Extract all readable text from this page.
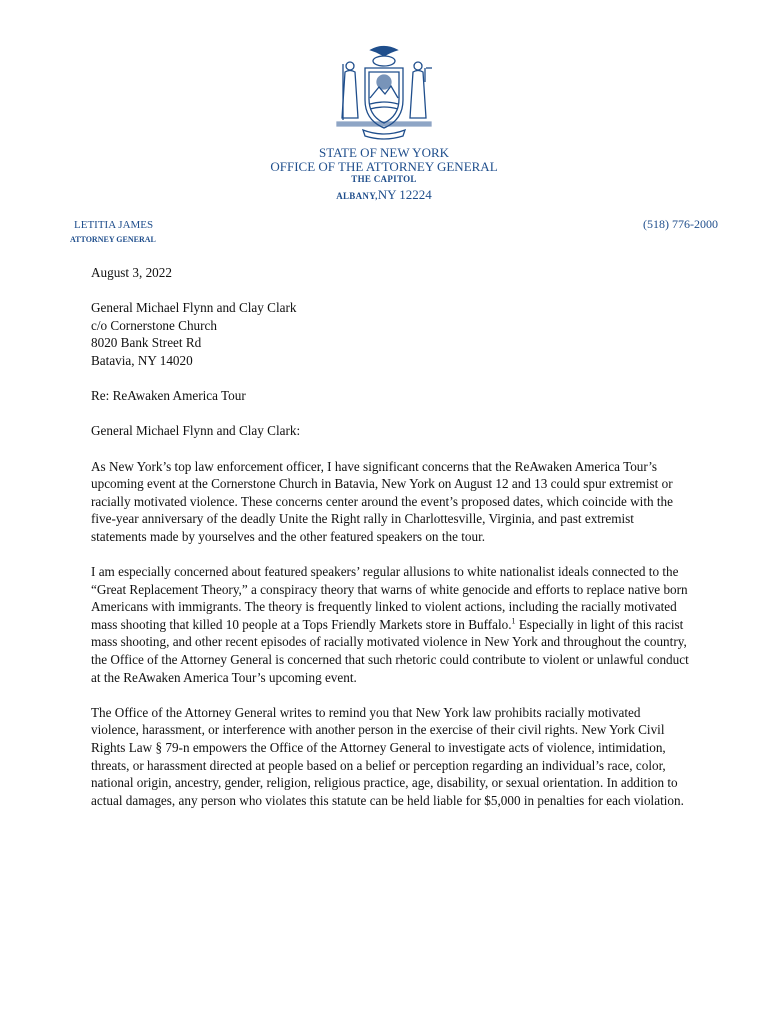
STATE OF NEW YORK
OFFICE OF THE ATTORNEY GENERAL
THE CAPITOL
ALBANY,NY 12224
LETITIA JAMES
ATTORNEY GENERAL
(518) 776-2000

August 3, 2022

General Michael Flynn and Clay Clark
c/o Cornerstone Church
8020 Bank Street Rd
Batavia, NY 14020

Re: ReAwaken America Tour

General Michael Flynn and Clay Clark:

As New York’s top law enforcement officer, I have significant concerns that the ReAwaken America Tour’s upcoming event at the Cornerstone Church in Batavia, New York on August 12 and 13 could spur extremist or racially motivated violence. These concerns center around the event’s proposed dates, which coincide with the five-year anniversary of the deadly Unite the Right rally in Charlottesville, Virginia, and past extremist statements made by yourselves and the other featured speakers on the tour.

I am especially concerned about featured speakers’ regular allusions to white nationalist ideals connected to the “Great Replacement Theory,” a conspiracy theory that warns of white genocide and efforts to replace native born Americans with immigrants. The theory is frequently linked to violent actions, including the racially motivated mass shooting that killed 10 people at a Tops Friendly Markets store in Buffalo.$^1$ Especially in light of this racist mass shooting, and other recent episodes of racially motivated violence in New York and throughout the country, the Office of the Attorney General is concerned that such rhetoric could contribute to violent or unlawful conduct at the ReAwaken America Tour’s upcoming event.

The Office of the Attorney General writes to remind you that New York law prohibits racially motivated violence, harassment, or interference with another person in the exercise of their civil rights. New York Civil Rights Law § 79-n empowers the Office of the Attorney General to investigate acts of violence, intimidation, threats, or harassment directed at people based on a belief or perception regarding an individual’s race, color, national origin, ancestry, gender, religion, religious practice, age, disability, or sexual orientation. In addition to actual damages, any person who violates this statute can be held liable for $5,000 in penalties for each violation.
